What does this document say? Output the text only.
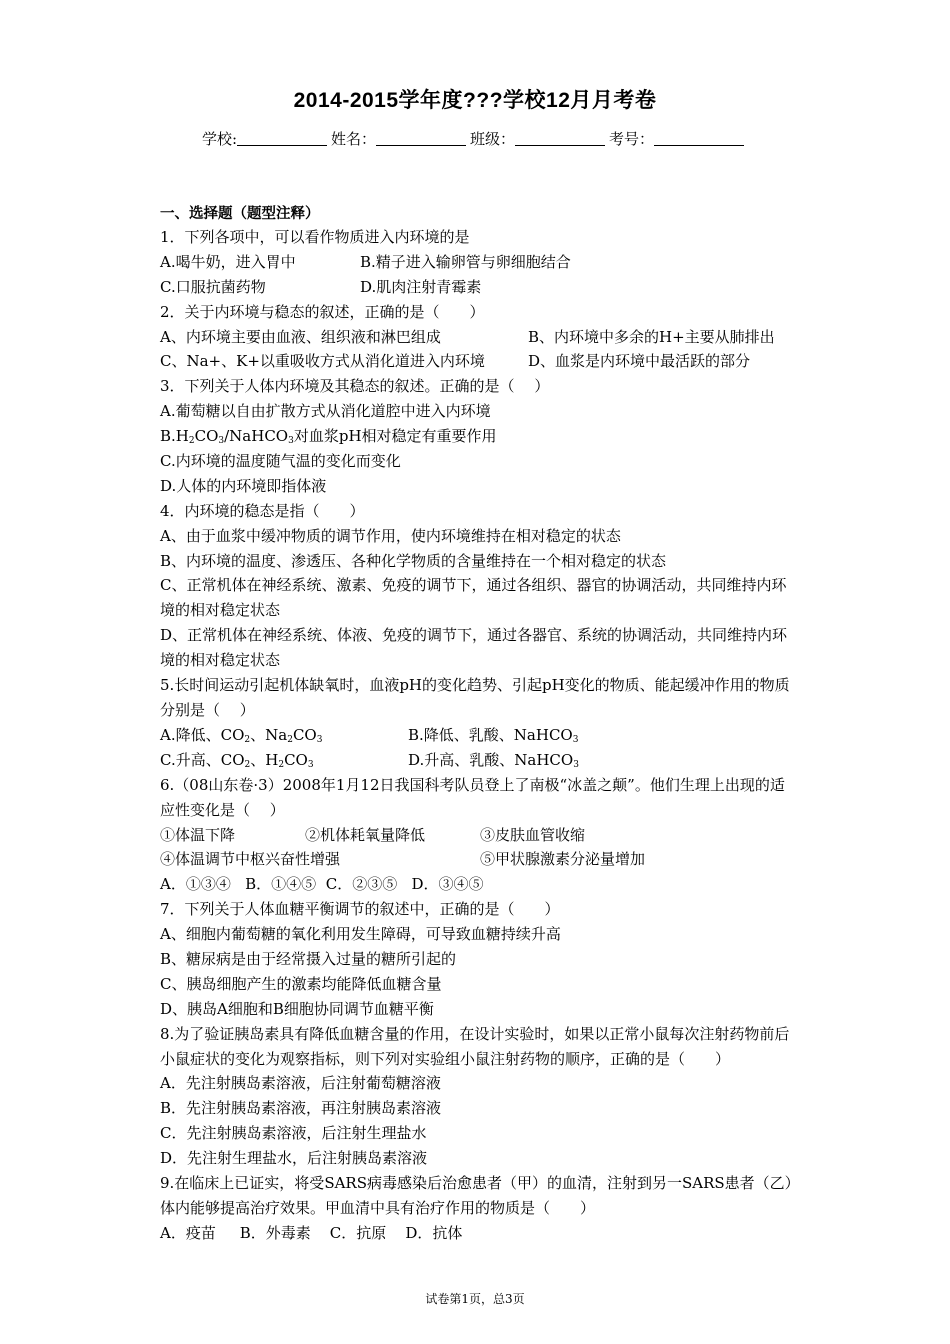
2014-2015学年度???学校12月月考卷
学校:	姓名：	班级：	考号：
一、选择题（题型注释）
1．下列各项中，可以看作物质进入内环境的是
A.喝牛奶，进入胃中	B.精子进入输卵管与卵细胞结合
C.口服抗菌药物	D.肌肉注射青霉素
2．关于内环境与稳态的叙述，正确的是（　　）
A、内环境主要由血液、组织液和淋巴组成	B、内环境中多余的H+主要从肺排出
C、Na+、K+以重吸收方式从消化道进入内环境	D、血浆是内环境中最活跃的部分
3．下列关于人体内环境及其稳态的叙述。正确的是（　 ）
A.葡萄糖以自由扩散方式从消化道腔中进入内环境
$B.H_2CO_3/NaHCO_3$对血浆pH相对稳定有重要作用
C.内环境的温度随气温的变化而变化
D.人体的内环境即指体液
4．内环境的稳态是指（　　）
A、由于血浆中缓冲物质的调节作用，使内环境维持在相对稳定的状态
B、内环境的温度、渗透压、各种化学物质的含量维持在一个相对稳定的状态
C、正常机体在神经系统、激素、免疫的调节下，通过各组织、器官的协调活动，共同维持内环境的相对稳定状态
D、正常机体在神经系统、体液、免疫的调节下，通过各器官、系统的协调活动，共同维持内环境的相对稳定状态
5.长时间运动引起机体缺氧时，血液pH的变化趋势、引起pH变化的物质、能起缓冲作用的物质分别是（　 ）
A.降低、$CO_2$、$Na_2CO_3$	B.降低、乳酸、NaHCO$_3$
C.升高、$CO_2$、$H_2CO_3$	D.升高、乳酸、NaHCO$_3$
6.（08山东卷·3）2008年1月12日我国科考队员登上了南极“冰盖之颠”。他们生理上出现的适应性变化是（　 ）
①体温下降	②机体耗氧量降低	③皮肤血管收缩
④体温调节中枢兴奋性增强	⑤甲状腺激素分泌量增加
A．①③④ B．①④⑤ C．②③⑤ D．③④⑤
7．下列关于人体血糖平衡调节的叙述中，正确的是（　　）
A、细胞内葡萄糖的氧化利用发生障碍，可导致血糖持续升高
B、糖尿病是由于经常摄入过量的糖所引起的
C、胰岛细胞产生的激素均能降低血糖含量
D、胰岛A细胞和B细胞协同调节血糖平衡
8.为了验证胰岛素具有降低血糖含量的作用，在设计实验时，如果以正常小鼠每次注射药物前后小鼠症状的变化为观察指标，则下列对实验组小鼠注射药物的顺序，正确的是（　　）
A．先注射胰岛素溶液，后注射葡萄糖溶液
B．先注射胰岛素溶液，再注射胰岛素溶液
C．先注射胰岛素溶液，后注射生理盐水
D．先注射生理盐水，后注射胰岛素溶液
9.在临床上已证实，将受SARS病毒感染后治愈患者（甲）的血清，注射到另一SARS患者（乙）体内能够提高治疗效果。甲血清中具有治疗作用的物质是（　　）
A．疫苗 B．外毒素 C．抗原 D．抗体
试卷第1页，总3页
